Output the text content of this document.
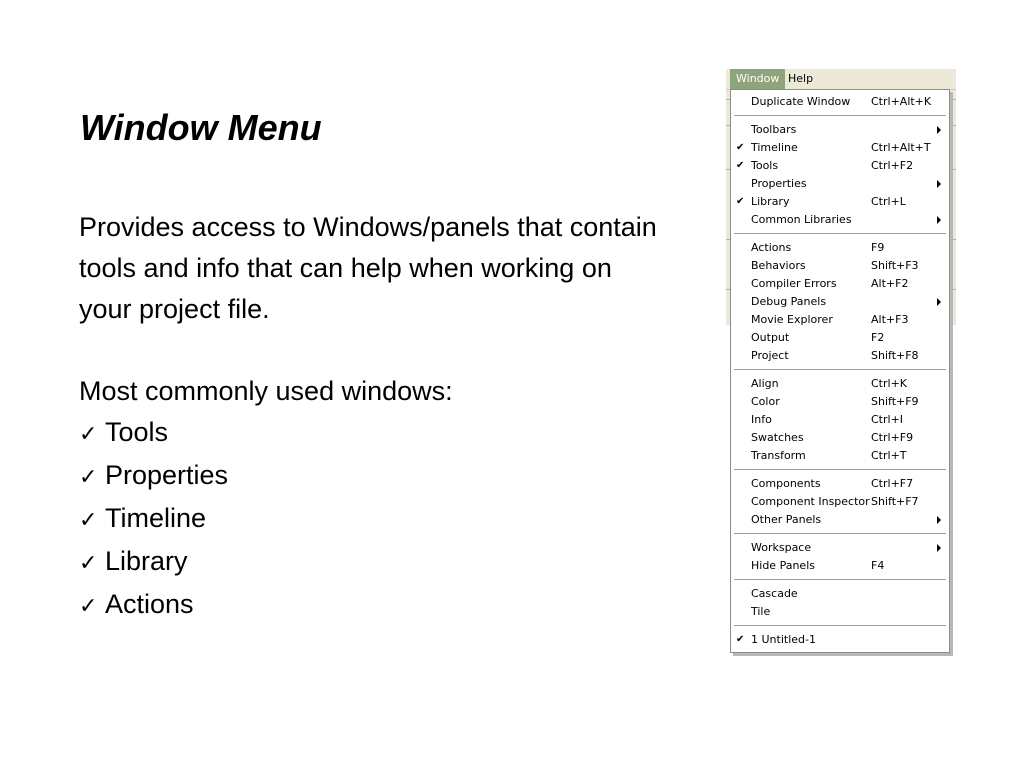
Window Menu

Provides access to Windows/panels that contain tools and info that can help when working on your project file.

Most commonly used windows:

✓ Tools
✓ Properties
✓ Timeline
✓ Library
✓ Actions
Window Help
Duplicate Window Ctrl+Alt+K
Toolbars
✔ Timeline	Ctrl+Alt+T
✔ Tools	Ctrl+F2
Properties
✔ Library	Ctrl+L
Common Libraries
Actions	F9
Behaviors	Shift+F3
Compiler Errors	Alt+F2
Debug Panels
Movie Explorer	Alt+F3
Output	F2
Project	Shift+F8
Align	Ctrl+K
Color	Shift+F9
Info	Ctrl+I
Swatches	Ctrl+F9
Transform	Ctrl+T
Components	Ctrl+F7
Component Inspector Shift+F7
Other Panels
Workspace
Hide Panels	F4
Cascade
Tile
✔ 1 Untitled-1
